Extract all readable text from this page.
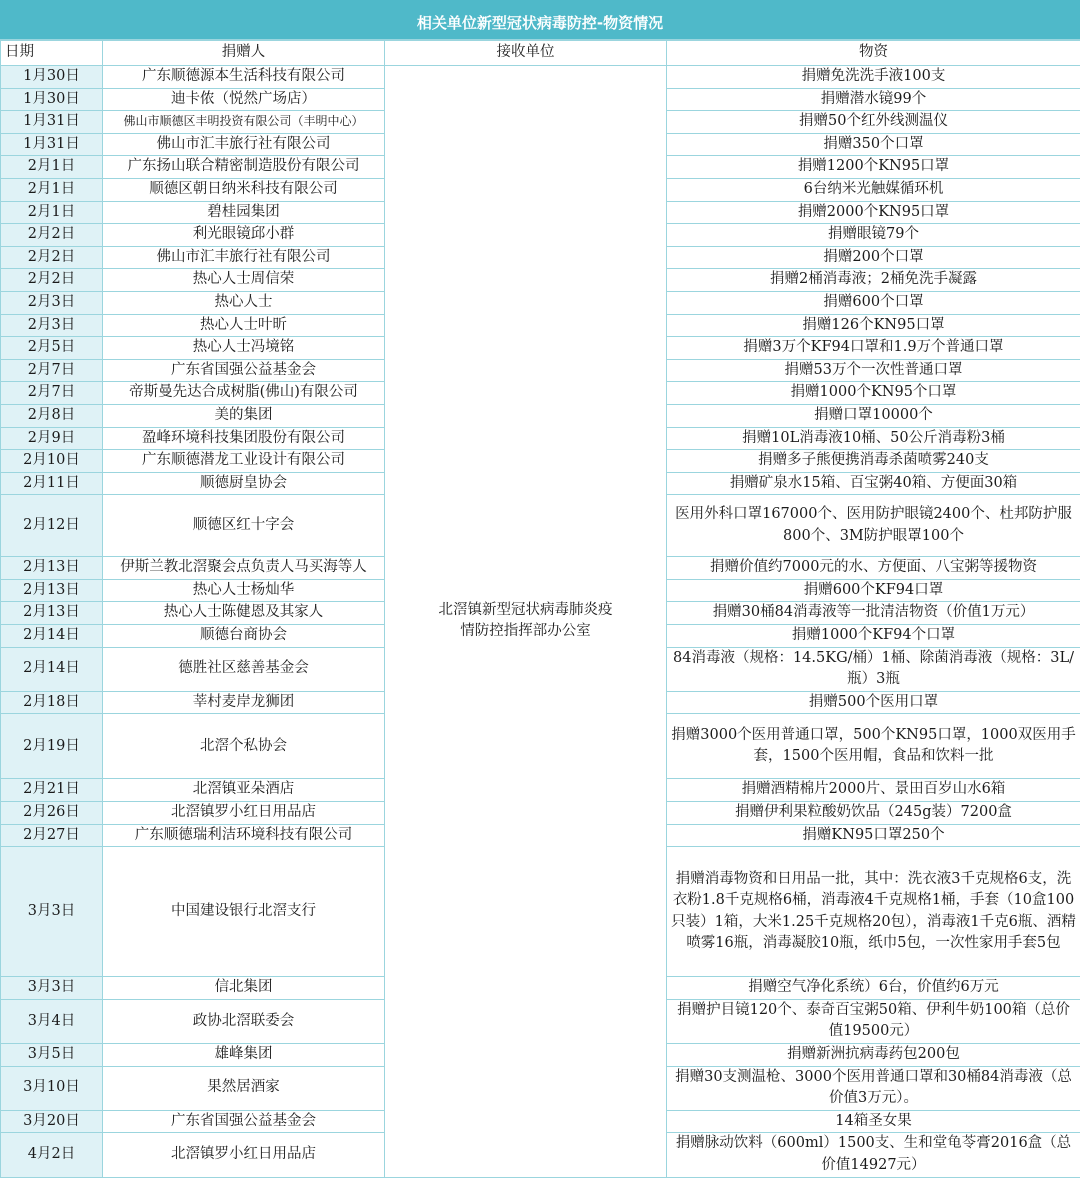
相关单位新型冠状病毒防控-物资情况
日期	捐赠人	接收单位	物资
1月30日	广东顺德源本生活科技有限公司	北滘镇新型冠状病毒肺炎疫情防控指挥部办公室	捐赠免洗洗手液100支
1月30日	迪卡侬（悦然广场店）		捐赠潜水镜99个
1月31日	佛山市顺德区丰明投资有限公司（丰明中心）		捐赠50个红外线测温仪
1月31日	佛山市汇丰旅行社有限公司		捐赠350个口罩
2月1日	广东扬山联合精密制造股份有限公司		捐赠1200个KN95口罩
2月1日	顺德区朝日纳米科技有限公司		6台纳米光触媒循环机
2月1日	碧桂园集团		捐赠2000个KN95口罩
2月2日	利光眼镜邱小群		捐赠眼镜79个
2月2日	佛山市汇丰旅行社有限公司		捐赠200个口罩
2月2日	热心人士周信荣		捐赠2桶消毒液；2桶免洗手凝露
2月3日	热心人士		捐赠600个口罩
2月3日	热心人士叶昕		捐赠126个KN95口罩
2月5日	热心人士冯境铭		捐赠3万个KF94口罩和1.9万个普通口罩
2月7日	广东省国强公益基金会		捐赠53万个一次性普通口罩
2月7日	帝斯曼先达合成树脂(佛山)有限公司		捐赠1000个KN95个口罩
2月8日	美的集团		捐赠口罩10000个
2月9日	盈峰环境科技集团股份有限公司		捐赠10L消毒液10桶、50公斤消毒粉3桶
2月10日	广东顺德潜龙工业设计有限公司		捐赠多子熊便携消毒杀菌喷雾240支
2月11日	顺德厨皇协会		捐赠矿泉水15箱、百宝粥40箱、方便面30箱
2月12日	顺德区红十字会		医用外科口罩167000个、医用防护眼镜2400个、杜邦防护服800个、3M防护眼罩100个
2月13日	伊斯兰教北滘聚会点负责人马买海等人		捐赠价值约7000元的水、方便面、八宝粥等援物资
2月13日	热心人士杨灿华		捐赠600个KF94口罩
2月13日	热心人士陈健恩及其家人		捐赠30桶84消毒液等一批清洁物资（价值1万元）
2月14日	顺德台商协会		捐赠1000个KF94个口罩
2月14日	德胜社区慈善基金会		84消毒液（规格：14.5KG/桶）1桶、除菌消毒液（规格：3L/瓶）3瓶
2月18日	莘村麦岸龙狮团		捐赠500个医用口罩
2月19日	北滘个私协会		捐赠3000个医用普通口罩，500个KN95口罩，1000双医用手套，1500个医用帽，食品和饮料一批
2月21日	北滘镇亚朵酒店		捐赠酒精棉片2000片、景田百岁山水6箱
2月26日	北滘镇罗小红日用品店		捐赠伊利果粒酸奶饮品（245g装）7200盒
2月27日	广东顺德瑞利洁环境科技有限公司		捐赠KN95口罩250个
3月3日	中国建设银行北滘支行		捐赠消毒物资和日用品一批，其中：洗衣液3千克规格6支，洗衣粉1.8千克规格6桶，消毒液4千克规格1桶，手套（10盒100只装）1箱，大米1.25千克规格20包），消毒液1千克6瓶、酒精喷雾16瓶，消毒凝胶10瓶，纸巾5包，一次性家用手套5包
3月3日	信北集团		捐赠空气净化系统）6台，价值约6万元
3月4日	政协北滘联委会		捐赠护目镜120个、泰奇百宝粥50箱、伊利牛奶100箱（总价值19500元）
3月5日	雄峰集团		捐赠新洲抗病毒药包200包
3月10日	果然居酒家		捐赠30支测温枪、3000个医用普通口罩和30桶84消毒液（总价值3万元）。
3月20日	广东省国强公益基金会		14箱圣女果
4月2日	北滘镇罗小红日用品店		捐赠脉动饮料（600ml）1500支、生和堂龟苓膏2016盒（总价值14927元）
